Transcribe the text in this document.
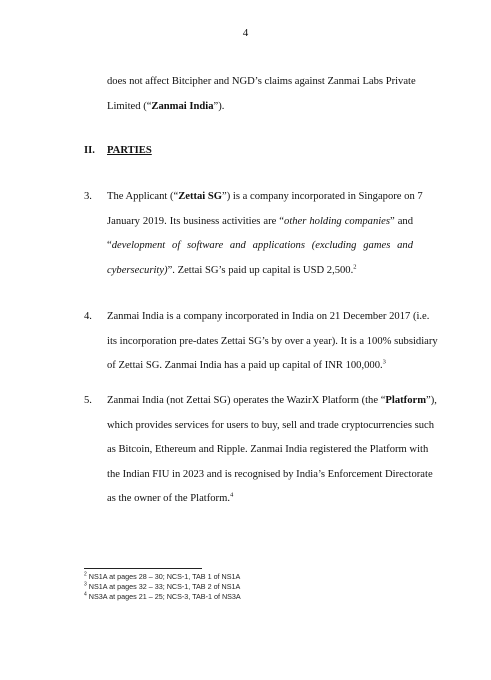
4
does not affect Bitcipher and NGD’s claims against Zanmai Labs Private
Limited (“Zanmai India”).
II. PARTIES
3. The Applicant (“Zettai SG”) is a company incorporated in Singapore on 7
January 2019. Its business activities are “other holding companies” and
“development of software and applications (excluding games and
cybersecurity)”. Zettai SG’s paid up capital is USD 2,500.$^2$
4. Zanmai India is a company incorporated in India on 21 December 2017 (i.e.
its incorporation pre-dates Zettai SG’s by over a year). It is a 100% subsidiary
of Zettai SG. Zanmai India has a paid up capital of INR 100,000.$^3$
5. Zanmai India (not Zettai SG) operates the WazirX Platform (the “Platform”),
which provides services for users to buy, sell and trade cryptocurrencies such
as Bitcoin, Ethereum and Ripple. Zanmai India registered the Platform with
the Indian FIU in 2023 and is recognised by India’s Enforcement Directorate
as the owner of the Platform.$^4$
$^2$ NS1A at pages 28 – 30; NCS-1, TAB 1 of NS1A
$^3$ NS1A at pages 32 – 33; NCS-1, TAB 2 of NS1A
$^4$ NS3A at pages 21 – 25; NCS-3, TAB-1 of NS3A
